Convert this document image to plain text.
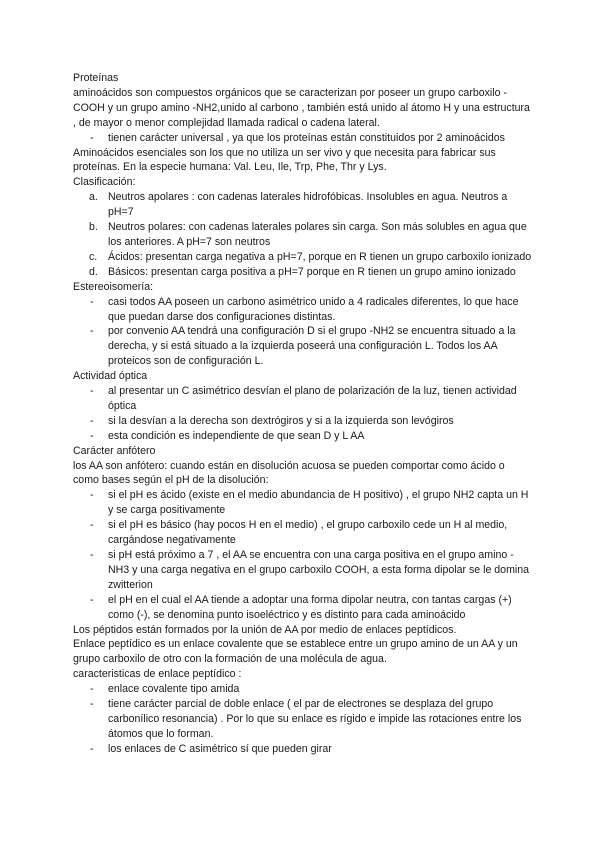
Proteínas

aminoácidos son compuestos orgánicos que se caracterizan por poseer un grupo carboxilo -COOH y un grupo amino -NH2,unido al carbono , también está unido al átomo H y una estructura , de mayor o menor complejidad llamada radical o cadena lateral.

- tienen carácter universal , ya que los proteínas están constituidos por 2 aminoácidos

Aminoácidos esenciales son los que no utiliza un ser vivo y que necesita para fabricar sus proteínas. En la especie humana: Val. Leu, Ile, Trp, Phe, Thr y Lys.

Clasificación:

a. Neutros apolares : con cadenas laterales hidrofóbicas. Insolubles en agua. Neutros a pH=7
b. Neutros polares: con cadenas laterales polares sin carga. Son más solubles en agua que los anteriores. A pH=7 son neutros
c. Ácidos: presentan carga negativa a pH=7, porque en R tienen un grupo carboxilo ionizado
d. Básicos: presentan carga positiva a pH=7 porque en R tienen un grupo amino ionizado

Estereoisomería:

- casi todos AA poseen un carbono asimétrico unido a 4 radicales diferentes, lo que hace que puedan darse dos configuraciones distintas.
- por convenio AA tendrá una configuración D si el grupo -NH2 se encuentra situado a la derecha, y si está situado a la izquierda poseerá una configuración L. Todos los AA proteicos son de configuración L.

Actividad óptica

- al presentar un C asimétrico desvían el plano de polarización de la luz, tienen actividad óptica
- si la desvían a la derecha son dextrógiros y si a la izquierda son levógiros
- esta condición es independiente de que sean D y L AA

Carácter anfótero

los AA son anfótero: cuando están en disolución acuosa se pueden comportar como ácido o como bases según el pH de la disolución:

- si el pH es ácido (existe en el medio abundancia de H positivo) , el grupo NH2 capta un H y se carga positivamente
- si el pH es básico (hay pocos H en el medio) , el grupo carboxilo cede un H al medio, cargándose negativamente
- si pH está próximo a 7 , el AA se encuentra con una carga positiva en el grupo amino -NH3 y una carga negativa en el grupo carboxilo COOH, a esta forma dipolar se le domina zwitterion
- el pH en el cual el AA tiende a adoptar una forma dipolar neutra, con tantas cargas (+) como (-), se denomina punto isoeléctrico y es distinto para cada aminoácido

Los péptidos están formados por la unión de AA por medio de enlaces peptídicos.

Enlace peptídico es un enlace covalente que se establece entre un grupo amino de un AA y un grupo carboxilo de otro con la formación de una molécula de agua.

caracteristicas de enlace peptídico :

- enlace covalente tipo amida
- tiene carácter parcial de doble enlace ( el par de electrones se desplaza del grupo carbonílico resonancia) . Por lo que su enlace es rígido e impide las rotaciones entre los átomos que lo forman.
- los enlaces de C asimétrico sí que pueden girar
